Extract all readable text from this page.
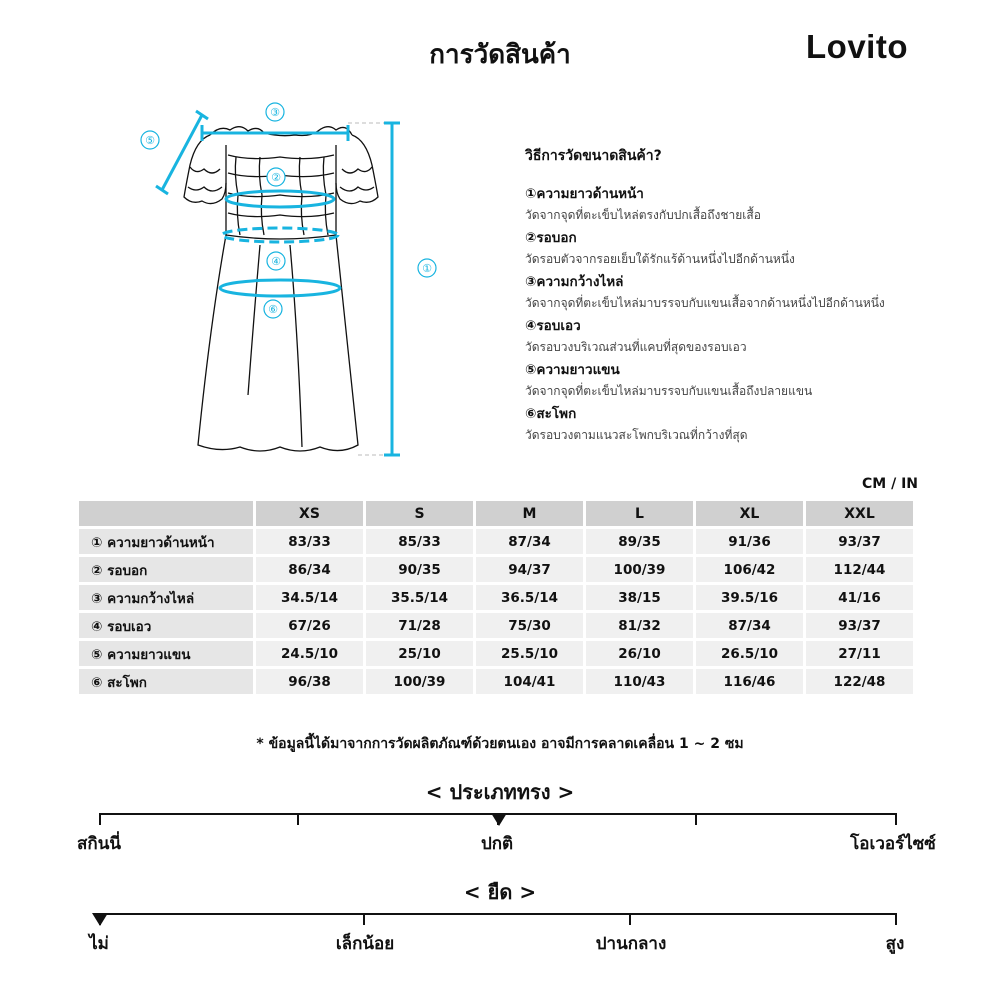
การวัดสินค้า	Lovito
③
⑤
②
④
⑥
①
วิธีการวัดขนาดสินค้า?
①ความยาวด้านหน้า
วัดจากจุดที่ตะเข็บไหล่ตรงกับปกเสื้อถึงชายเสื้อ
②รอบอก
วัดรอบตัวจากรอยเย็บใต้รักแร้ด้านหนึ่งไปอีกด้านหนึ่ง
③ความกว้างไหล่
วัดจากจุดที่ตะเข็บไหล่มาบรรจบกับแขนเสื้อจากด้านหนึ่งไปอีกด้านหนึ่ง
④รอบเอว
วัดรอบวงบริเวณส่วนที่แคบที่สุดของรอบเอว
⑤ความยาวแขน
วัดจากจุดที่ตะเข็บไหล่มาบรรจบกับแขนเสื้อถึงปลายแขน
⑥สะโพก
วัดรอบวงตามแนวสะโพกบริเวณที่กว้างที่สุด
CM / IN
	XS	S	M	L	XL	XXL
① ความยาวด้านหน้า	83/33	85/33	87/34	89/35	91/36	93/37
② รอบอก	86/34	90/35	94/37	100/39	106/42	112/44
③ ความกว้างไหล่	34.5/14	35.5/14	36.5/14	38/15	39.5/16	41/16
④ รอบเอว	67/26	71/28	75/30	81/32	87/34	93/37
⑤ ความยาวแขน	24.5/10	25/10	25.5/10	26/10	26.5/10	27/11
⑥ สะโพก	96/38	100/39	104/41	110/43	116/46	122/48
* ข้อมูลนี้ได้มาจากการวัดผลิตภัณฑ์ด้วยตนเอง อาจมีการคลาดเคลื่อน 1 ~ 2 ซม
< ประเภททรง >
สกินนี่	ปกติ	โอเวอร์ไซซ์
< ยืด >
ไม่	เล็กน้อย	ปานกลาง	สูง
